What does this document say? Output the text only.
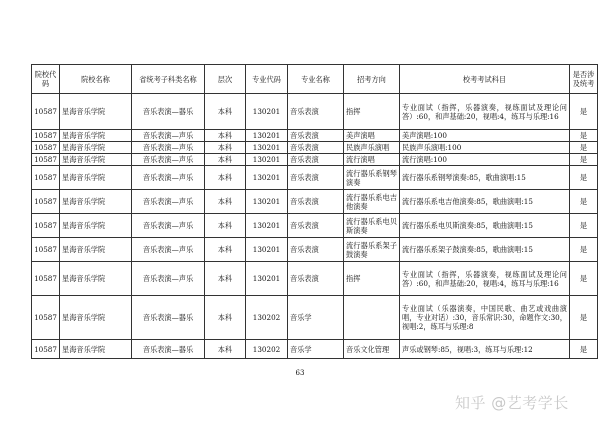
院校代码	院校名称	省统考子科类名称	层次	专业代码	专业名称	招考方向	校考考试科目	是否涉及统考
10587	星海音乐学院	音乐表演—器乐	本科	130201	音乐表演	指挥	专业面试（指挥，乐器演奏，视练面试及理论问答）:60，和声基础:20，视唱:4，练耳与乐理:16	是
10587	星海音乐学院	音乐表演—声乐	本科	130201	音乐表演	美声演唱	美声演唱:100	是
10587	星海音乐学院	音乐表演—声乐	本科	130201	音乐表演	民族声乐演唱	民族声乐演唱:100	是
10587	星海音乐学院	音乐表演—声乐	本科	130201	音乐表演	流行演唱	流行演唱:100	是
10587	星海音乐学院	音乐表演—声乐	本科	130201	音乐表演	流行器乐系钢琴演奏	流行器乐系钢琴演奏:85，歌曲演唱:15	是
10587	星海音乐学院	音乐表演—声乐	本科	130201	音乐表演	流行器乐系电吉他演奏	流行器乐系电吉他演奏:85，歌曲演唱:15	是
10587	星海音乐学院	音乐表演—声乐	本科	130201	音乐表演	流行器乐系电贝斯演奏	流行器乐系电贝斯演奏:85，歌曲演唱:15	是
10587	星海音乐学院	音乐表演—声乐	本科	130201	音乐表演	流行器乐系架子鼓演奏	流行器乐系架子鼓演奏:85，歌曲演唱:15	是
10587	星海音乐学院	音乐表演—声乐	本科	130201	音乐表演	指挥	专业面试（指挥，乐器演奏，视练面试及理论问答）:60，和声基础:20，视唱:4，练耳与乐理:16	是
10587	星海音乐学院	音乐表演—器乐	本科	130202	音乐学		专业面试（乐器演奏，中国民歌、曲艺或戏曲演唱，专业对话）:30，音乐常识:30，命题作文:30，视唱:2，练耳与乐理:8	是
10587	星海音乐学院	音乐表演—器乐	本科	130202	音乐学	音乐文化管理	声乐或钢琴:85，视唱:3，练耳与乐理:12	是
63
知乎 @艺考学长
